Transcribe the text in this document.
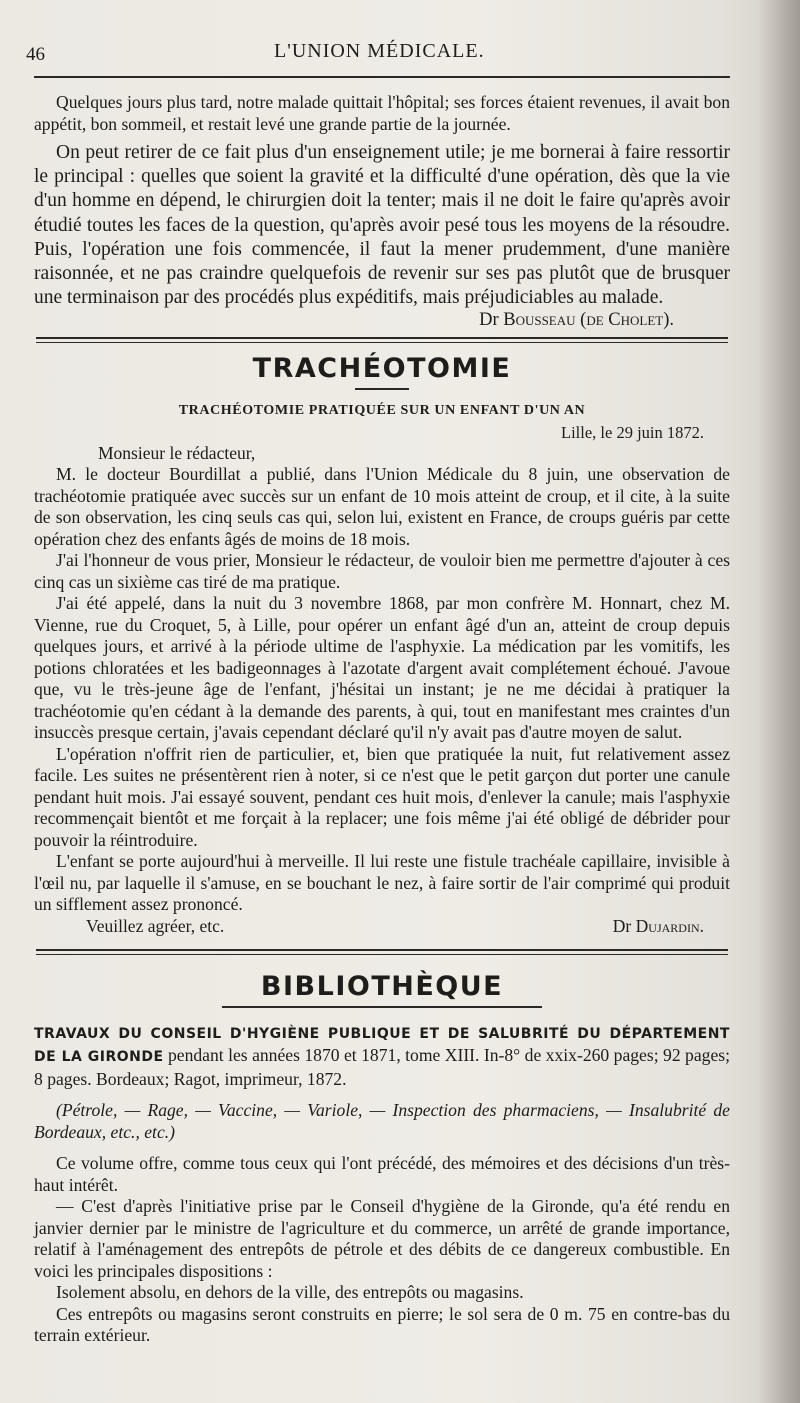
46	L'UNION MÉDICALE.

Quelques jours plus tard, notre malade quittait l'hôpital; ses forces étaient revenues, il avait bon appétit, bon sommeil, et restait levé une grande partie de la journée.

On peut retirer de ce fait plus d'un enseignement utile; je me bornerai à faire ressortir le principal : quelles que soient la gravité et la difficulté d'une opération, dès que la vie d'un homme en dépend, le chirurgien doit la tenter; mais il ne doit le faire qu'après avoir étudié toutes les faces de la question, qu'après avoir pesé tous les moyens de la résoudre. Puis, l'opération une fois commencée, il faut la mener prudemment, d'une manière raisonnée, et ne pas craindre quelquefois de revenir sur ses pas plutôt que de brusquer une terminaison par des procédés plus expéditifs, mais préjudiciables au malade.

Dr Bousseau (de Cholet).
TRACHÉOTOMIE
TRACHÉOTOMIE PRATIQUÉE SUR UN ENFANT D'UN AN
Lille, le 29 juin 1872.
Monsieur le rédacteur,

M. le docteur Bourdillat a publié, dans l'Union Médicale du 8 juin, une observation de trachéotomie pratiquée avec succès sur un enfant de 10 mois atteint de croup, et il cite, à la suite de son observation, les cinq seuls cas qui, selon lui, existent en France, de croups guéris par cette opération chez des enfants âgés de moins de 18 mois.

J'ai l'honneur de vous prier, Monsieur le rédacteur, de vouloir bien me permettre d'ajouter à ces cinq cas un sixième cas tiré de ma pratique.

J'ai été appelé, dans la nuit du 3 novembre 1868, par mon confrère M. Honnart, chez M. Vienne, rue du Croquet, 5, à Lille, pour opérer un enfant âgé d'un an, atteint de croup depuis quelques jours, et arrivé à la période ultime de l'asphyxie. La médication par les vomitifs, les potions chloratées et les badigeonnages à l'azotate d'argent avait complétement échoué. J'avoue que, vu le très-jeune âge de l'enfant, j'hésitai un instant; je ne me décidai à pratiquer la trachéotomie qu'en cédant à la demande des parents, à qui, tout en manifestant mes craintes d'un insuccès presque certain, j'avais cependant déclaré qu'il n'y avait pas d'autre moyen de salut.

L'opération n'offrit rien de particulier, et, bien que pratiquée la nuit, fut relativement assez facile. Les suites ne présentèrent rien à noter, si ce n'est que le petit garçon dut porter une canule pendant huit mois. J'ai essayé souvent, pendant ces huit mois, d'enlever la canule; mais l'asphyxie recommençait bientôt et me forçait à la replacer; une fois même j'ai été obligé de débrider pour pouvoir la réintroduire.

L'enfant se porte aujourd'hui à merveille. Il lui reste une fistule trachéale capillaire, invisible à l'œil nu, par laquelle il s'amuse, en se bouchant le nez, à faire sortir de l'air comprimé qui produit un sifflement assez prononcé.

Veuillez agréer, etc.	Dr Dujardin.
BIBLIOTHÈQUE

TRAVAUX DU CONSEIL D'HYGIÈNE PUBLIQUE ET DE SALUBRITÉ DU DÉPARTEMENT DE LA GIRONDE pendant les années 1870 et 1871, tome XIII. In-8° de xxix-260 pages; 92 pages; 8 pages. Bordeaux; Ragot, imprimeur, 1872.

(Pétrole, — Rage, — Vaccine, — Variole, — Inspection des pharmaciens, — Insalubrité de Bordeaux, etc., etc.)

Ce volume offre, comme tous ceux qui l'ont précédé, des mémoires et des décisions d'un très-haut intérêt.

— C'est d'après l'initiative prise par le Conseil d'hygiène de la Gironde, qu'a été rendu en janvier dernier par le ministre de l'agriculture et du commerce, un arrêté de grande importance, relatif à l'aménagement des entrepôts de pétrole et des débits de ce dangereux combustible. En voici les principales dispositions :

Isolement absolu, en dehors de la ville, des entrepôts ou magasins.

Ces entrepôts ou magasins seront construits en pierre; le sol sera de 0 m. 75 en contre-bas du terrain extérieur.
